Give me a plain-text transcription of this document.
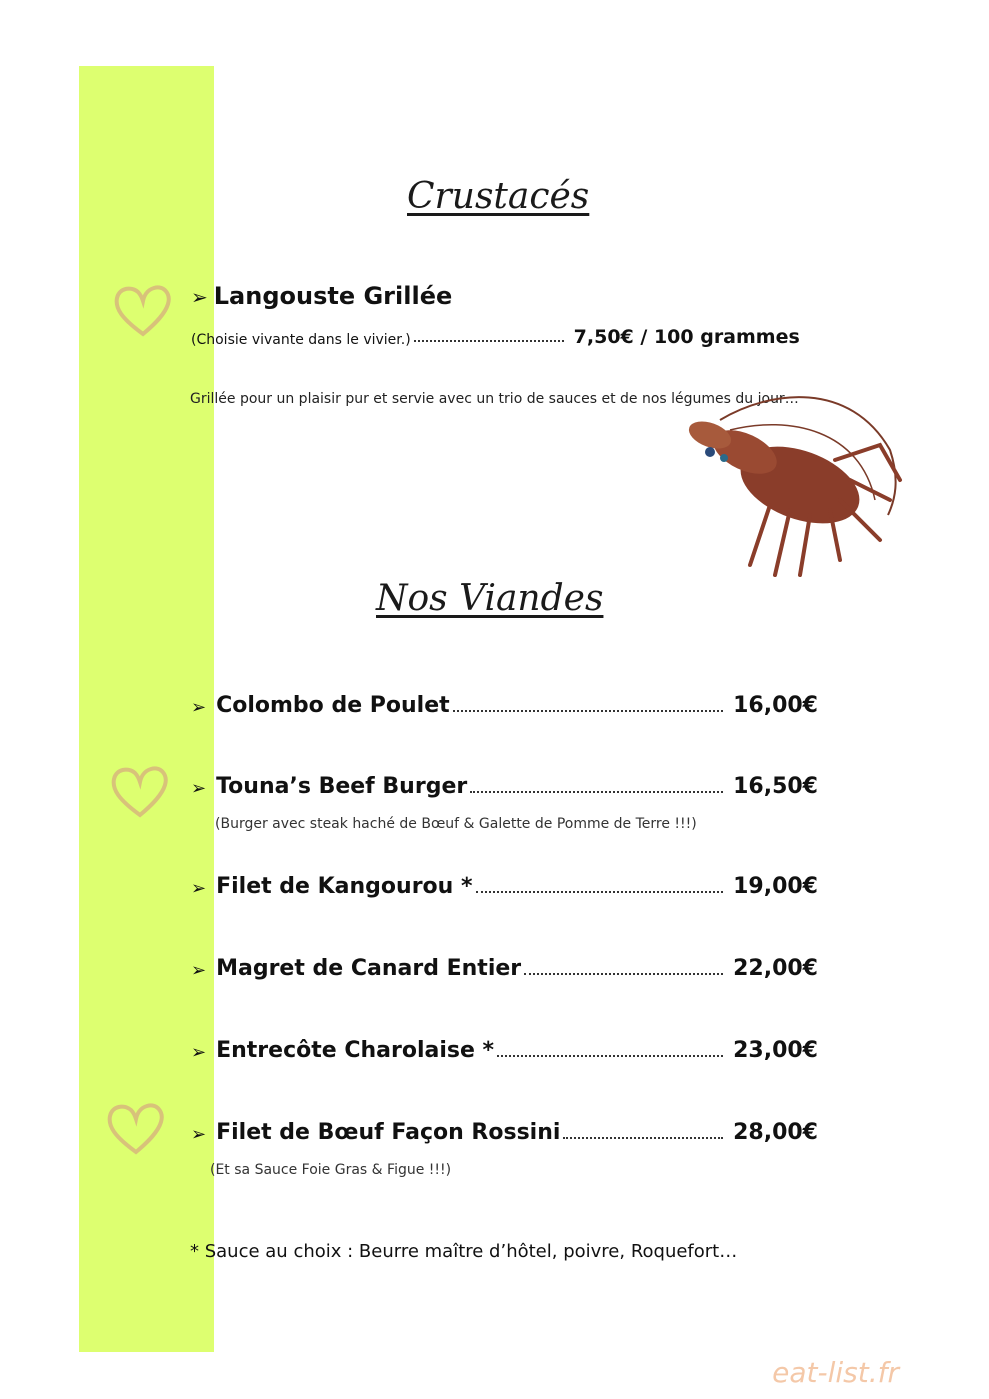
Crustacés
➢ Langouste Grillée
(Choisie vivante dans le vivier.)	7,50€ / 100 grammes
Grillée pour un plaisir pur et servie avec un trio de sauces et de nos légumes du jour…
Nos Viandes
➢ Colombo de Poulet	16,00€
➢ Touna’s Beef Burger	16,50€
(Burger avec steak haché de Bœuf & Galette de Pomme de Terre !!!)
➢ Filet de Kangourou *	19,00€
➢ Magret de Canard Entier	22,00€
➢ Entrecôte Charolaise *	23,00€
➢ Filet de Bœuf Façon Rossini	28,00€
(Et sa Sauce Foie Gras & Figue !!!)
* Sauce au choix : Beurre maître d’hôtel, poivre, Roquefort…
eat-list.fr
